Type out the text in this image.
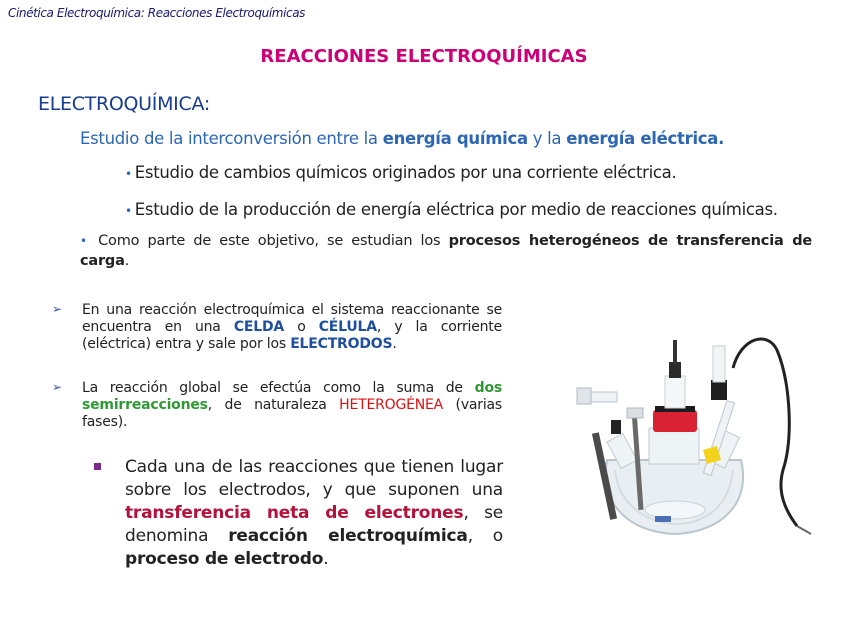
Cinética Electroquímica: Reacciones Electroquímicas
REACCIONES ELECTROQUÍMICAS
ELECTROQUÍMICA:
Estudio de la interconversión entre la energía química y la energía eléctrica.
• Estudio de cambios químicos originados por una corriente eléctrica.
• Estudio de la producción de energía eléctrica por medio de reacciones químicas.
• Como parte de este objetivo, se estudian los procesos heterogéneos de transferencia de carga.
➢ En una reacción electroquímica el sistema reaccionante se encuentra en una CELDA o CÉLULA, y la corriente (eléctrica) entra y sale por los ELECTRODOS.
➢ La reacción global se efectúa como la suma de dos semirreacciones, de naturaleza HETEROGÉNEA (varias fases).
Cada una de las reacciones que tienen lugar sobre los electrodos, y que suponen una transferencia neta de electrones, se denomina reacción electroquímica, o proceso de electrodo.
